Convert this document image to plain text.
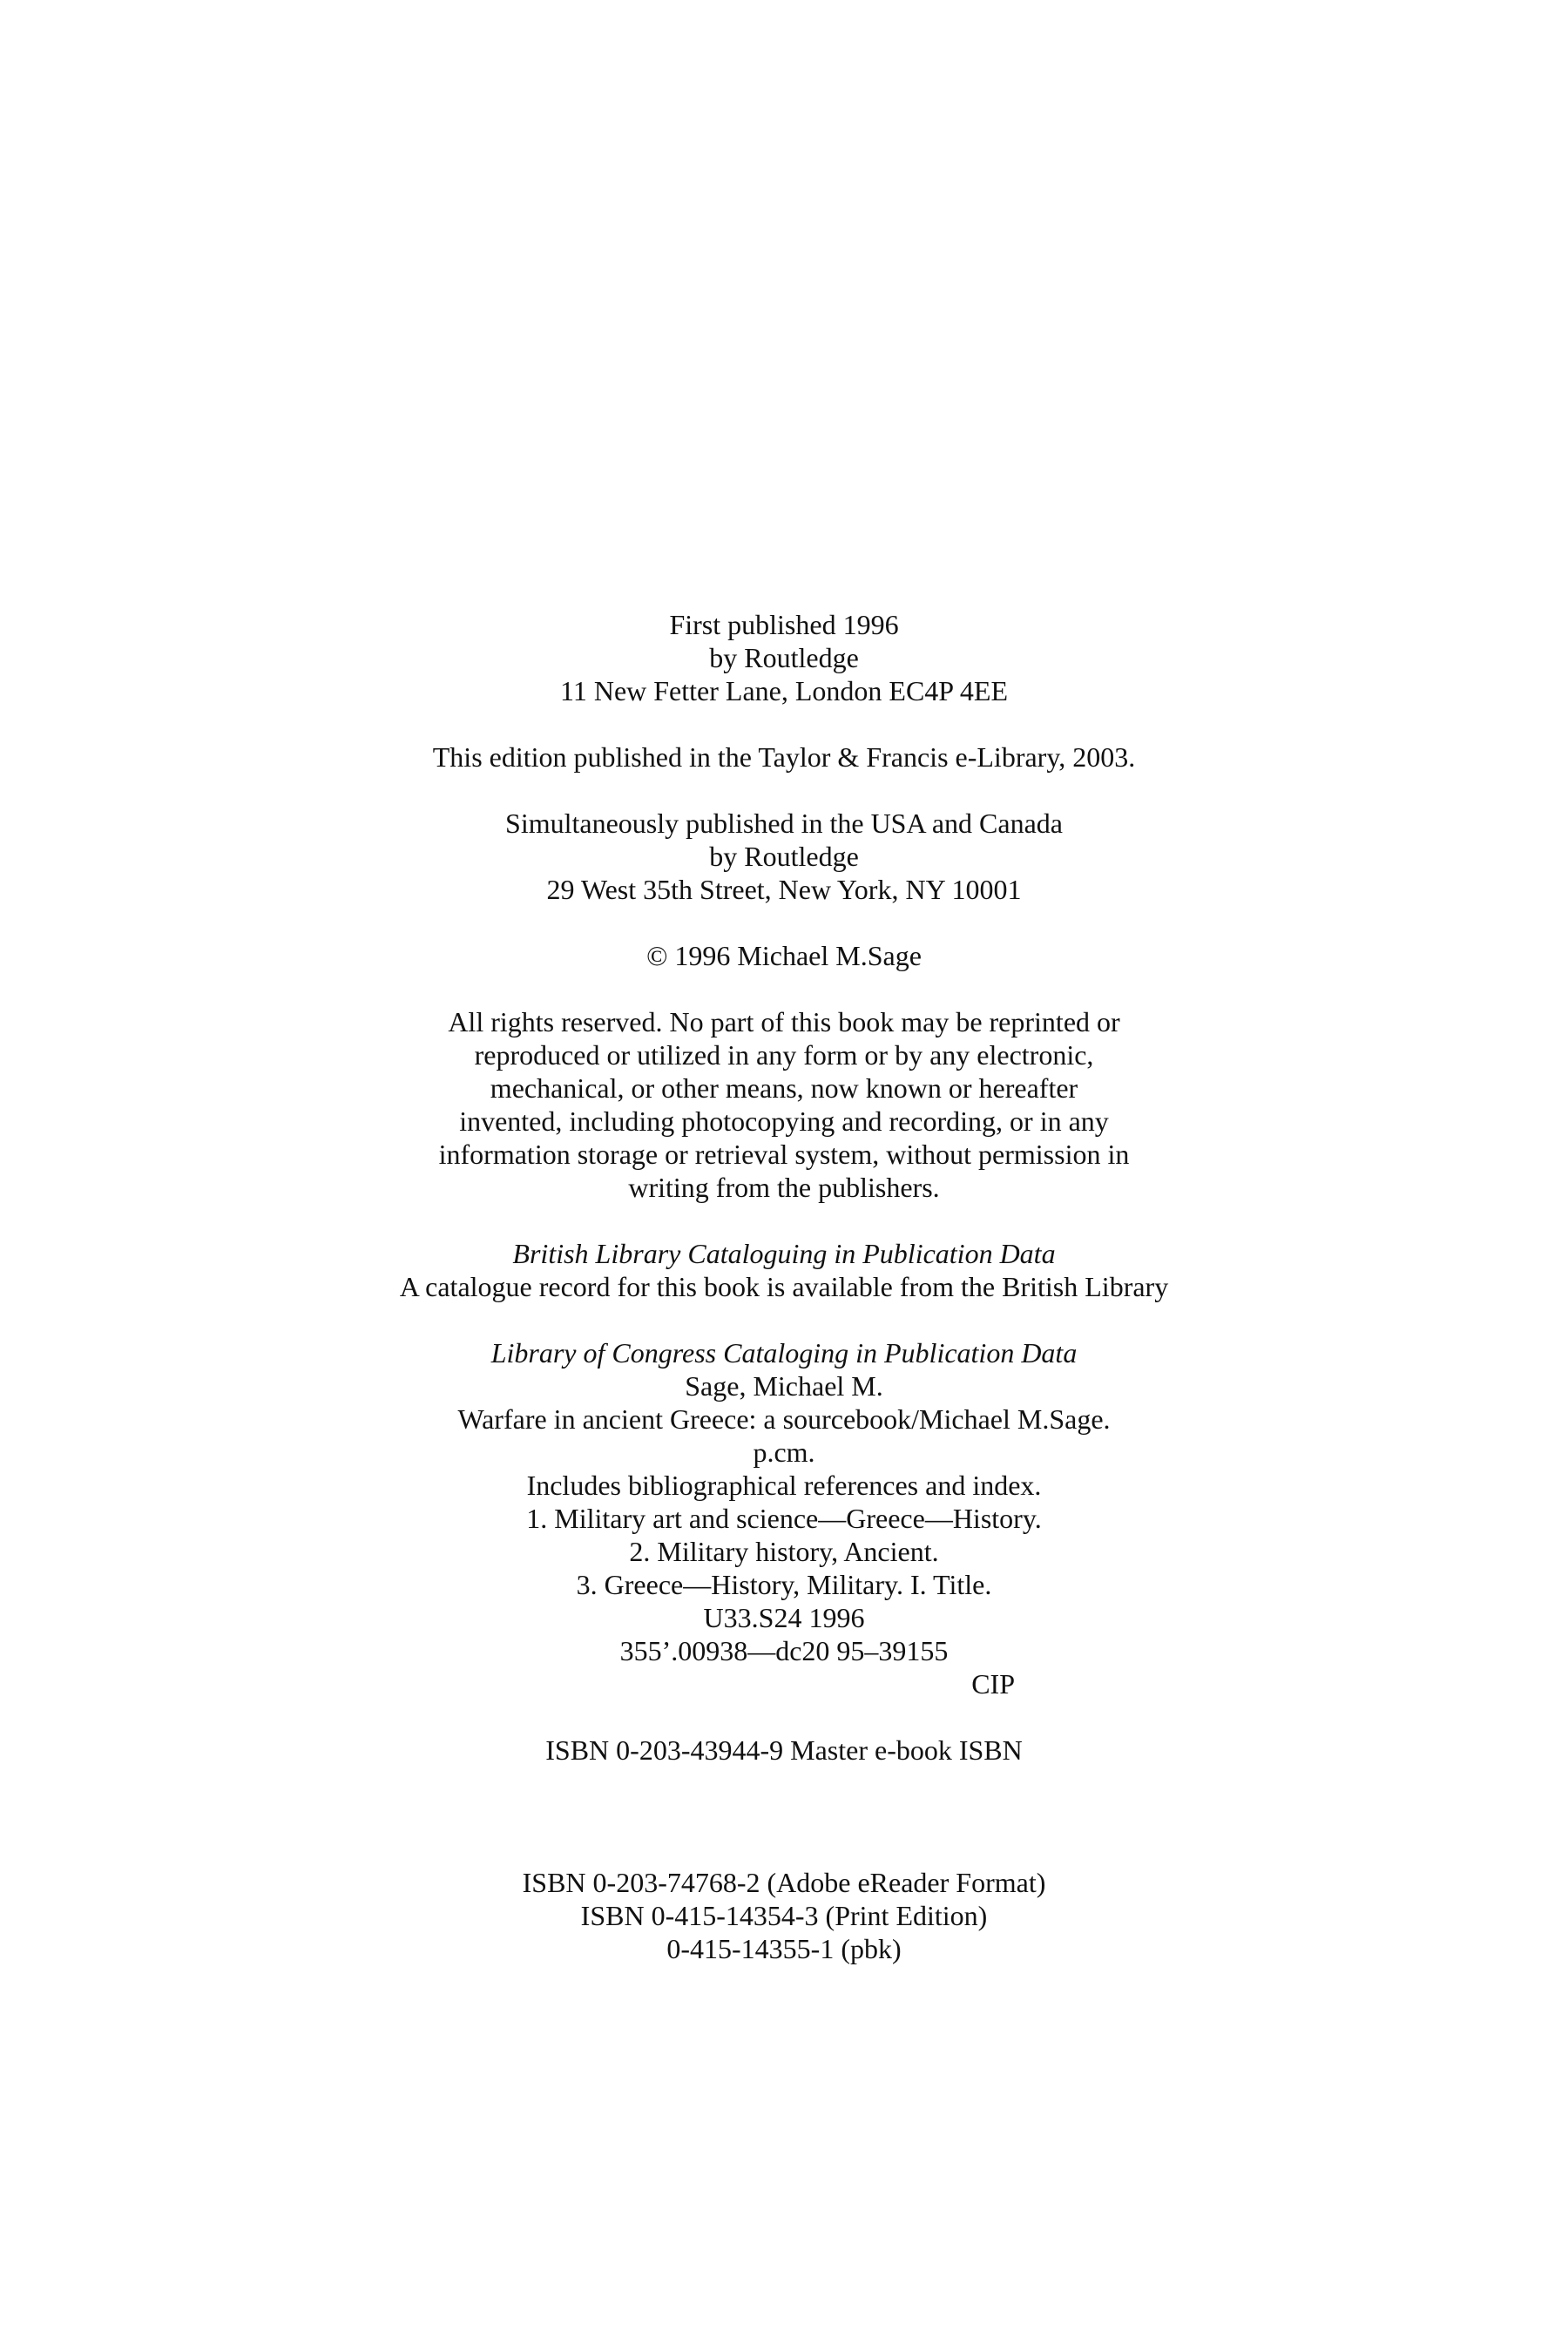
First published 1996
by Routledge
11 New Fetter Lane, London EC4P 4EE
This edition published in the Taylor & Francis e-Library, 2003.
Simultaneously published in the USA and Canada
by Routledge
29 West 35th Street, New York, NY 10001
© 1996 Michael M.Sage
All rights reserved. No part of this book may be reprinted or
reproduced or utilized in any form or by any electronic,
mechanical, or other means, now known or hereafter
invented, including photocopying and recording, or in any
information storage or retrieval system, without permission in
writing from the publishers.
British Library Cataloguing in Publication Data
A catalogue record for this book is available from the British Library
Library of Congress Cataloging in Publication Data
Sage, Michael M.
Warfare in ancient Greece: a sourcebook/Michael M.Sage.
p.cm.
Includes bibliographical references and index.
1. Military art and science—Greece—History.
2. Military history, Ancient.
3. Greece—History, Military. I. Title.
U33.S24 1996
355’.00938—dc20 95–39155
CIP
ISBN 0-203-43944-9 Master e-book ISBN
ISBN 0-203-74768-2 (Adobe eReader Format)
ISBN 0-415-14354-3 (Print Edition)
0-415-14355-1 (pbk)
